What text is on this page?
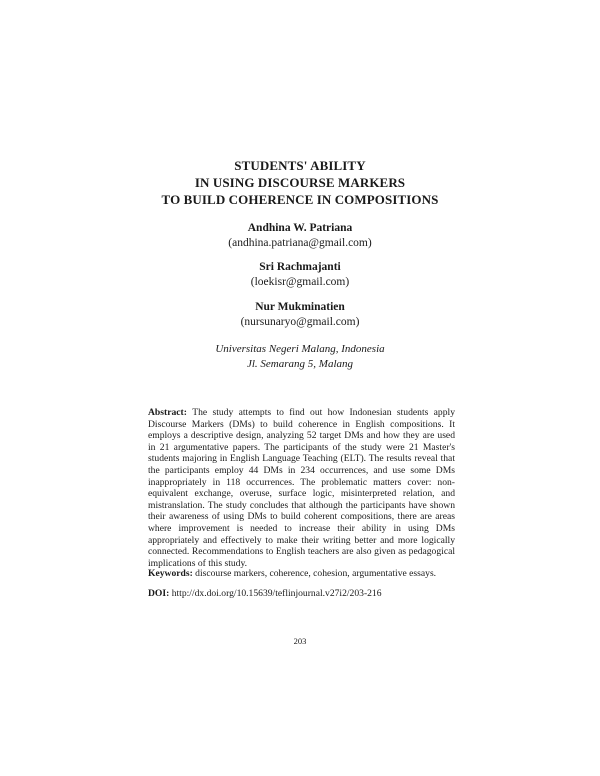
STUDENTS' ABILITY
IN USING DISCOURSE MARKERS
TO BUILD COHERENCE IN COMPOSITIONS
Andhina W. Patriana
(andhina.patriana@gmail.com)
Sri Rachmajanti
(loekisr@gmail.com)
Nur Mukminatien
(nursunaryo@gmail.com)
Universitas Negeri Malang, Indonesia
Jl. Semarang 5, Malang
Abstract: The study attempts to find out how Indonesian students apply Discourse Markers (DMs) to build coherence in English compositions. It employs a descriptive design, analyzing 52 target DMs and how they are used in 21 argumentative papers. The participants of the study were 21 Master's students majoring in English Language Teaching (ELT). The results reveal that the participants employ 44 DMs in 234 occurrences, and use some DMs inappropriately in 118 occurrences. The problematic matters cover: non-equivalent exchange, overuse, surface logic, misinterpreted relation, and mistranslation. The study concludes that although the participants have shown their awareness of using DMs to build coherent compositions, there are areas where improvement is needed to increase their ability in using DMs appropriately and effectively to make their writing better and more logically connected. Recommendations to English teachers are also given as pedagogical implications of this study.
Keywords: discourse markers, coherence, cohesion, argumentative essays.
DOI: http://dx.doi.org/10.15639/teflinjournal.v27i2/203-216
203
